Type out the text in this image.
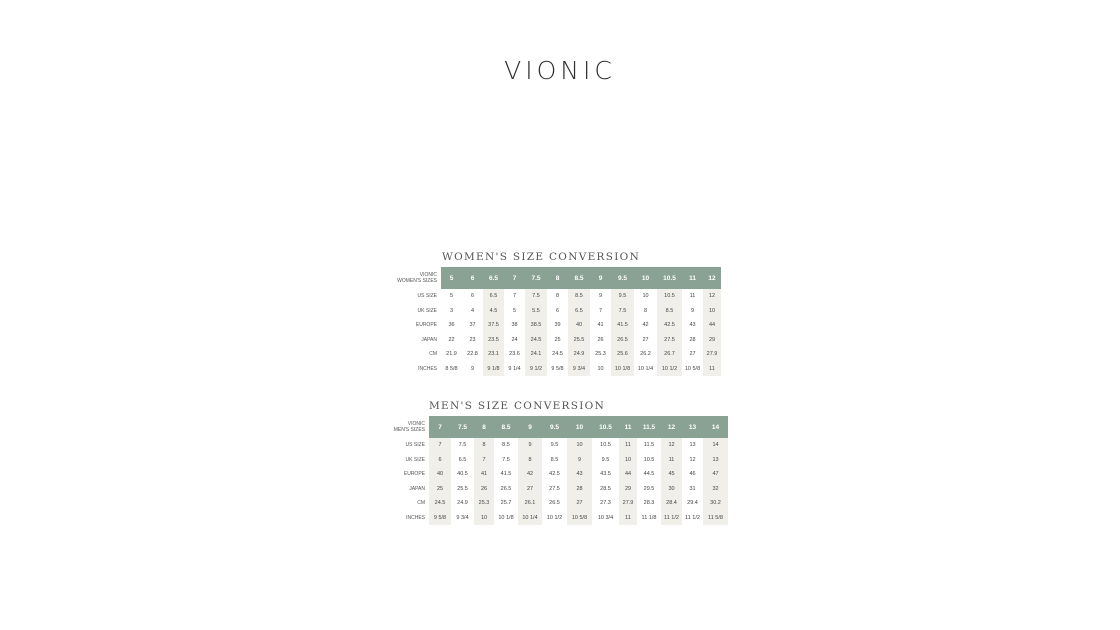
VIONIC
WOMEN'S SIZE CONVERSION
VIONIC
WOMEN'S SIZES	5	6	6.5	7	7.5	8	8.5	9	9.5	10	10.5	11	12
US SIZE	5	6	6.5	7	7.5	8	8.5	9	9.5	10	10.5	11	12
UK SIZE	3	4	4.5	5	5.5	6	6.5	7	7.5	8	8.5	9	10
EUROPE	36	37	37.5	38	38.5	39	40	41	41.5	42	42.5	43	44
JAPAN	22	23	23.5	24	24.5	25	25.5	26	26.5	27	27.5	28	29
CM	21.9	22.8	23.1	23.6	24.1	24.5	24.9	25.3	25.6	26.2	26.7	27	27.9
INCHES	8 5/8	9	9 1/8	9 1/4	9 1/2	9 5/8	9 3/4	10	10 1/8	10 1/4	10 1/2	10 5/8	11
MEN'S SIZE CONVERSION
VIONIC
MEN'S SIZES	7	7.5	8	8.5	9	9.5	10	10.5	11	11.5	12	13	14
US SIZE	7	7.5	8	8.5	9	9.5	10	10.5	11	11.5	12	13	14
UK SIZE	6	6.5	7	7.5	8	8.5	9	9.5	10	10.5	11	12	13
EUROPE	40	40.5	41	41.5	42	42.5	43	43.5	44	44.5	45	46	47
JAPAN	25	25.5	26	26.5	27	27.5	28	28.5	29	29.5	30	31	32
CM	24.5	24.9	25.3	25.7	26.1	26.5	27	27.3	27.9	28.3	28.4	29.4	30.2
INCHES	9 5/8	9 3/4	10	10 1/8	10 1/4	10 1/2	10 5/8	10 3/4	11	11 1/8	11 1/2	11 1/2	11 5/8
